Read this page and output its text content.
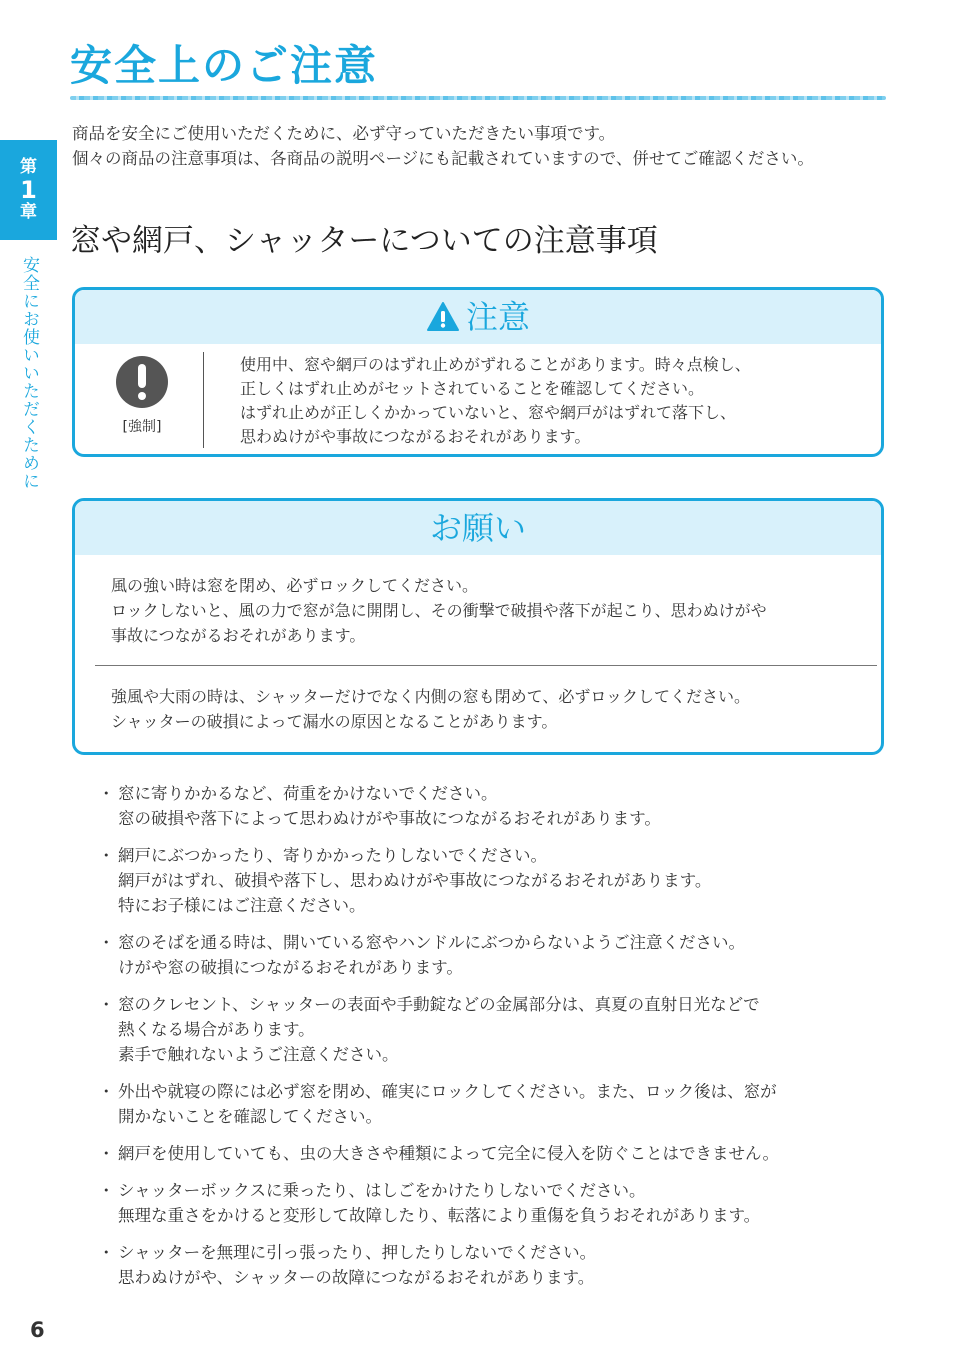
安全上のご注意
商品を安全にご使用いただくために、必ず守っていただきたい事項です。
個々の商品の注意事項は、各商品の説明ページにも記載されていますので、併せてご確認ください。
第
1
章
安全にお使いいただくために
窓や網戸、シャッターについての注意事項
注意
[強制]
使用中、窓や網戸のはずれ止めがずれることがあります。時々点検し、
正しくはずれ止めがセットされていることを確認してください。
はずれ止めが正しくかかっていないと、窓や網戸がはずれて落下し、
思わぬけがや事故につながるおそれがあります。
お願い
風の強い時は窓を閉め、必ずロックしてください。
ロックしないと、風の力で窓が急に開閉し、その衝撃で破損や落下が起こり、思わぬけがや
事故につながるおそれがあります。
強風や大雨の時は、シャッターだけでなく内側の窓も閉めて、必ずロックしてください。
シャッターの破損によって漏水の原因となることがあります。
・ 窓に寄りかかるなど、荷重をかけないでください。
窓の破損や落下によって思わぬけがや事故につながるおそれがあります。
・ 網戸にぶつかったり、寄りかかったりしないでください。
網戸がはずれ、破損や落下し、思わぬけがや事故につながるおそれがあります。
特にお子様にはご注意ください。
・ 窓のそばを通る時は、開いている窓やハンドルにぶつからないようご注意ください。
けがや窓の破損につながるおそれがあります。
・ 窓のクレセント、シャッターの表面や手動錠などの金属部分は、真夏の直射日光などで
熱くなる場合があります。
素手で触れないようご注意ください。
・ 外出や就寝の際には必ず窓を閉め、確実にロックしてください。また、ロック後は、窓が
開かないことを確認してください。
・ 網戸を使用していても、虫の大きさや種類によって完全に侵入を防ぐことはできません。
・ シャッターボックスに乗ったり、はしごをかけたりしないでください。
無理な重さをかけると変形して故障したり、転落により重傷を負うおそれがあります。
・ シャッターを無理に引っ張ったり、押したりしないでください。
思わぬけがや、シャッターの故障につながるおそれがあります。
6
